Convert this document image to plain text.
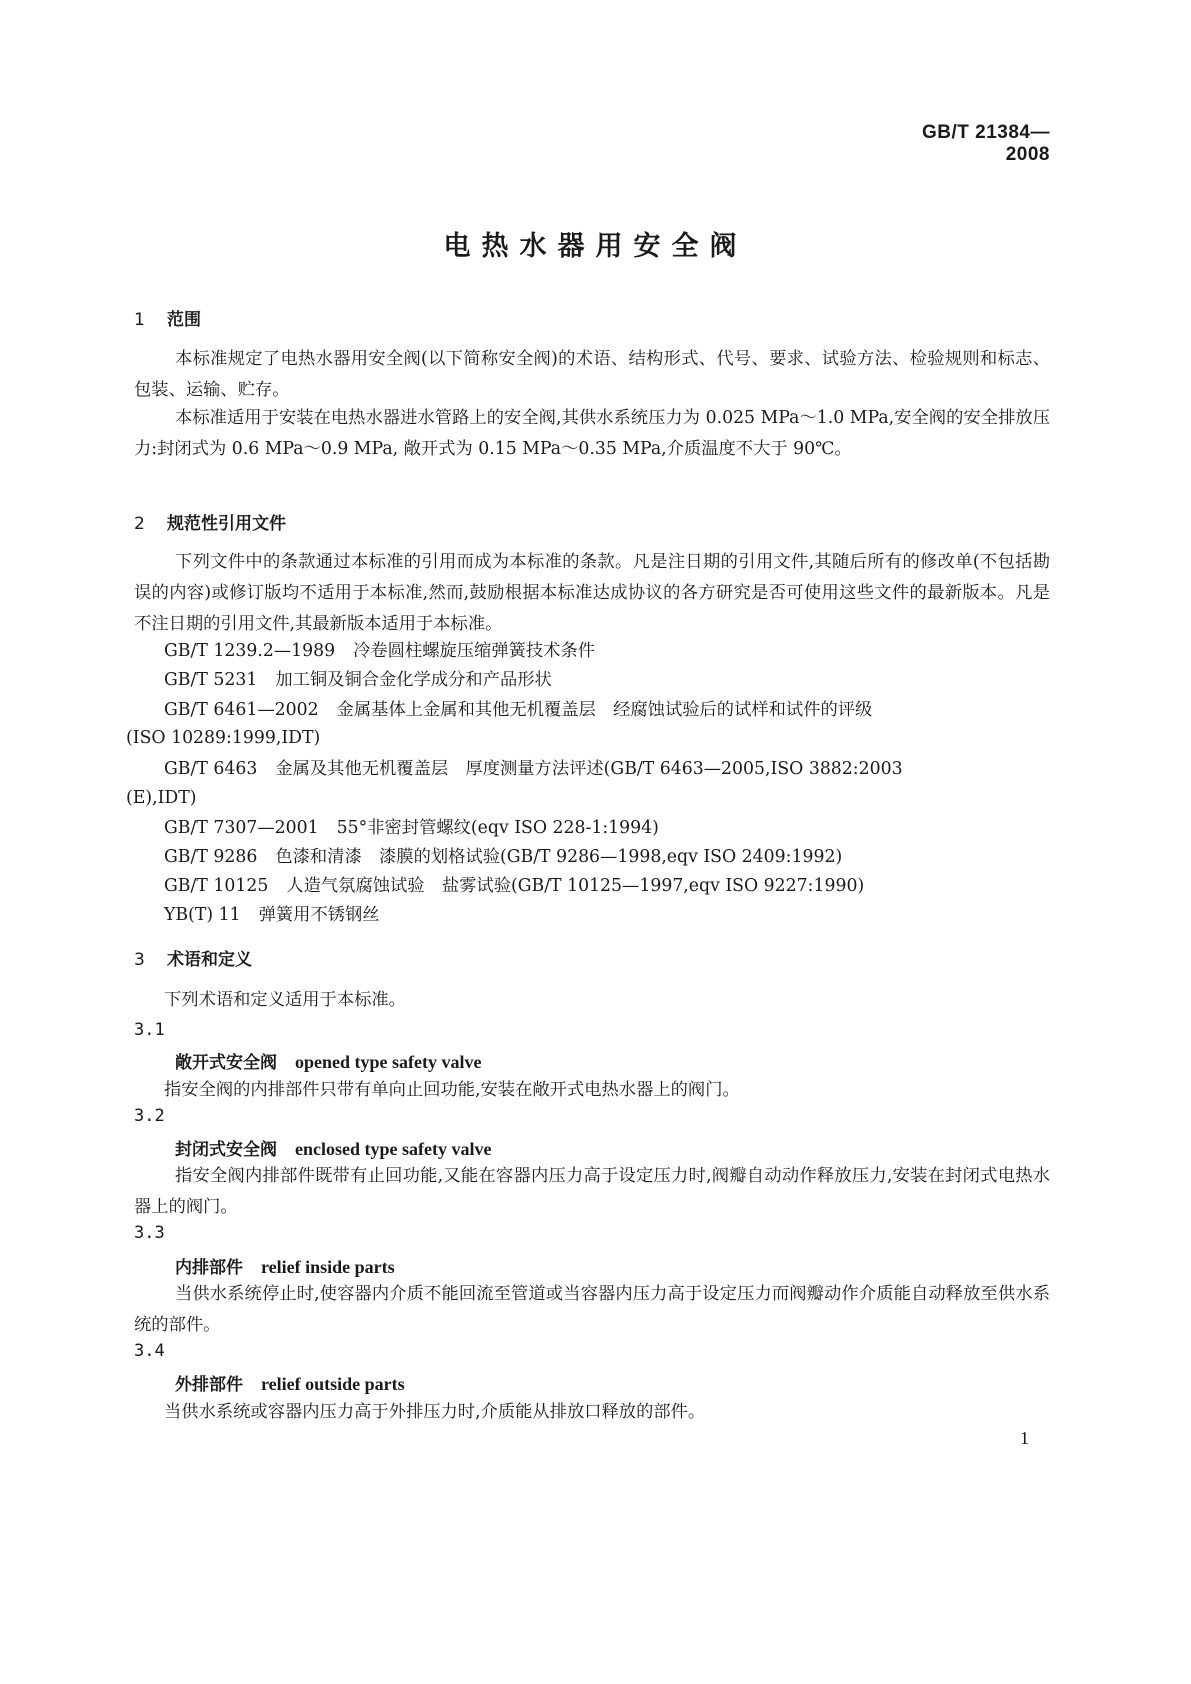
GB/T 21384—2008
电热水器用安全阀
1 范围
本标准规定了电热水器用安全阀(以下简称安全阀)的术语、结构形式、代号、要求、试验方法、检验规则和标志、包装、运输、贮存。
本标准适用于安装在电热水器进水管路上的安全阀,其供水系统压力为 0.025 MPa～1.0 MPa,安全阀的安全排放压力:封闭式为 0.6 MPa～0.9 MPa, 敞开式为 0.15 MPa～0.35 MPa,介质温度不大于 90℃。
2 规范性引用文件
下列文件中的条款通过本标准的引用而成为本标准的条款。凡是注日期的引用文件,其随后所有的修改单(不包括勘误的内容)或修订版均不适用于本标准,然而,鼓励根据本标准达成协议的各方研究是否可使用这些文件的最新版本。凡是不注日期的引用文件,其最新版本适用于本标准。
GB/T 1239.2—1989 冷卷圆柱螺旋压缩弹簧技术条件
GB/T 5231 加工铜及铜合金化学成分和产品形状
GB/T 6461—2002 金属基体上金属和其他无机覆盖层　经腐蚀试验后的试样和试件的评级
(ISO 10289:1999,IDT)
GB/T 6463 金属及其他无机覆盖层　厚度测量方法评述(GB/T 6463—2005,ISO 3882:2003
(E),IDT)
GB/T 7307—2001 55°非密封管螺纹(eqv ISO 228-1:1994)
GB/T 9286 色漆和清漆　漆膜的划格试验(GB/T 9286—1998,eqv ISO 2409:1992)
GB/T 10125 人造气氛腐蚀试验　盐雾试验(GB/T 10125—1997,eqv ISO 9227:1990)
YB(T) 11 弹簧用不锈钢丝
3 术语和定义
下列术语和定义适用于本标准。
3.1
敞开式安全阀 opened type safety valve
指安全阀的内排部件只带有单向止回功能,安装在敞开式电热水器上的阀门。
3.2
封闭式安全阀 enclosed type safety valve
指安全阀内排部件既带有止回功能,又能在容器内压力高于设定压力时,阀瓣自动动作释放压力,安装在封闭式电热水器上的阀门。
3.3
内排部件 relief inside parts
当供水系统停止时,使容器内介质不能回流至管道或当容器内压力高于设定压力而阀瓣动作介质能自动释放至供水系统的部件。
3.4
外排部件 relief outside parts
当供水系统或容器内压力高于外排压力时,介质能从排放口释放的部件。
1
